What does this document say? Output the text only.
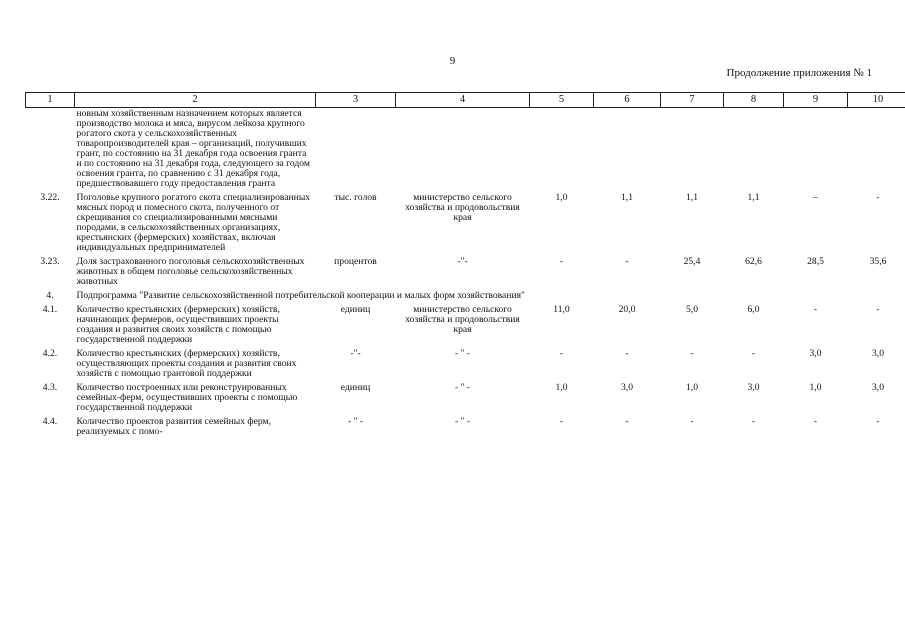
9
Продолжение приложения № 1
1	2	3	4	5	6	7	8	9	10
	новным хозяйственным назначением которых является производство молока и мяса, вирусом лейкоза крупного рогатого скота у сельскохозяйственных товаропроизводителей края – организаций, получивших грант, по состоянию на 31 декабря года освоения гранта и по состоянию на 31 декабря года, следующего за годом освоения гранта, по сравнению с 31 декабря года, предшествовавшего году предоставления гранта								
3.22.	Поголовье крупного рогатого скота специализированных мясных пород и помесного скота, полученного от скрещивания со специализированными мясными породами, в сельскохозяйственных организациях, крестьянских (фермерских) хозяйствах, включая индивидуальных предпринимателей	тыс. голов	министерство сельского хозяйства и продовольствия края	1,0	1,1	1,1	1,1	–	-
3.23.	Доля застрахованного поголовья сельскохозяйственных животных в общем поголовье сельскохозяйственных животных	процентов	-"-	-	-	25,4	62,6	28,5	35,6
4.	Подпрограмма "Развитие сельскохозяйственной потребительской кооперации и малых форм хозяйствования"								
4.1.	Количество крестьянских (фермерских) хозяйств, начинающих фермеров, осуществивших проекты создания и развития своих хозяйств с помощью государственной поддержки	единиц	министерство сельского хозяйства и продовольствия края	11,0	20,0	5,0	6,0	-	-
4.2.	Количество крестьянских (фермерских) хозяйств, осуществляющих проекты создания и развития своих хозяйств с помощью грантовой поддержки	-"-	- " -	-	-	-	-	3,0	3,0
4.3.	Количество построенных или реконструированных семейных-ферм, осуществивших проекты с помощью государственной поддержки	единиц	- " -	1,0	3,0	1,0	3,0	1,0	3,0
4.4.	Количество проектов развития семейных ферм, реализуемых с помо-	- " -	- " -	-	-	-	-	-	-
